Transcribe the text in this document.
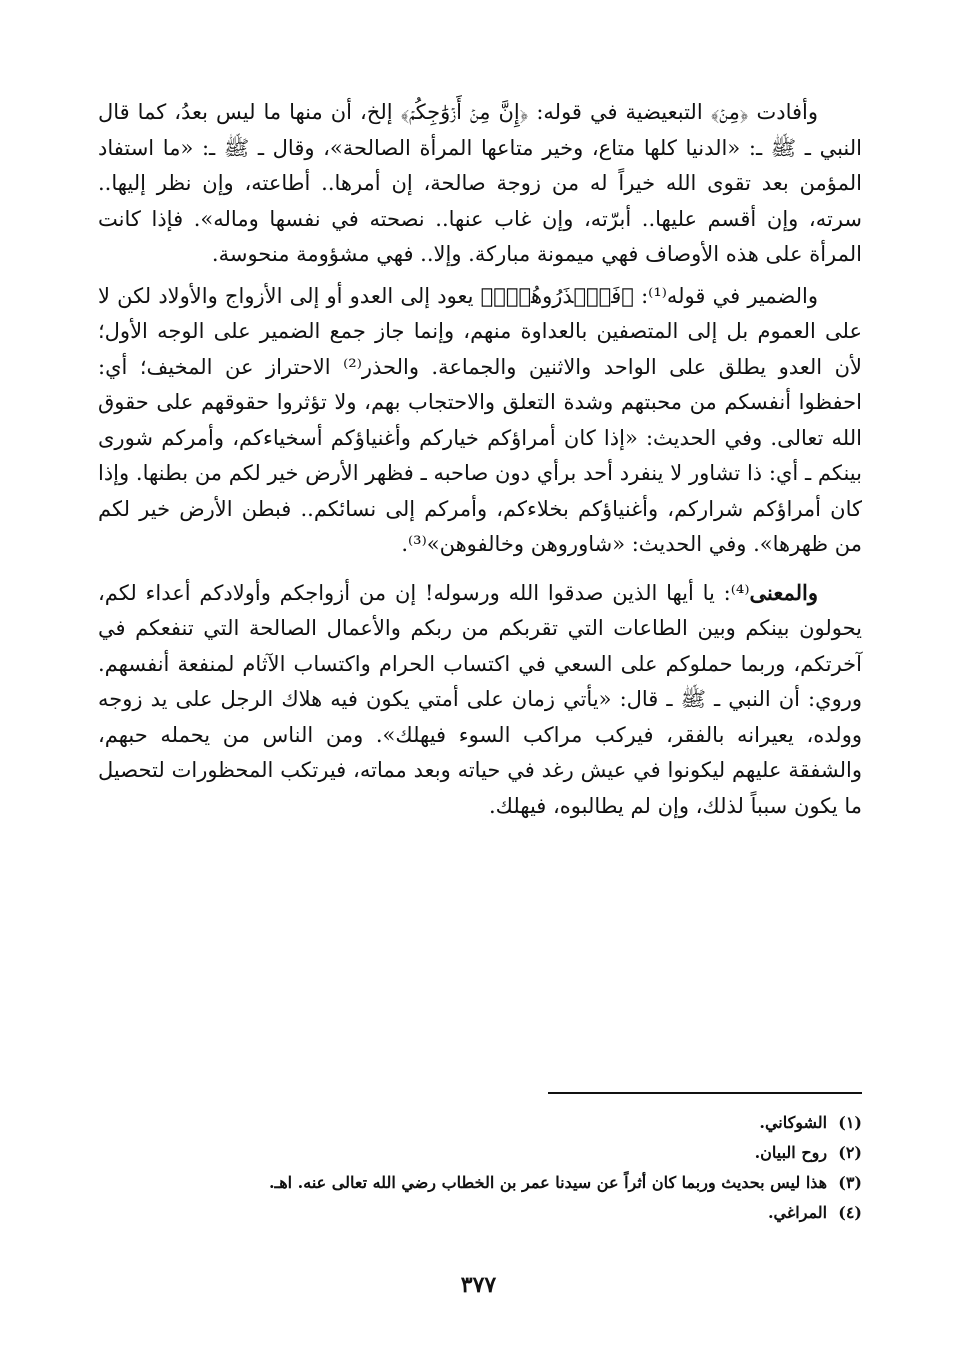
وأفادت ﴿مِنۡ﴾ التبعيضية في قوله: ﴿إِنَّ مِنۡ أَزۡوَٰجِكُمۡ﴾ إلخ، أن منها ما ليس بعدُ، كما قال النبي ـ ﷺ ـ: «الدنيا كلها متاع، وخير متاعها المرأة الصالحة»، وقال ـ ﷺ ـ: «ما استفاد المؤمن بعد تقوى الله خيراً له من زوجة صالحة، إن أمرها.. أطاعته، وإن نظر إليها.. سرته، وإن أقسم عليها.. أبرّته، وإن غاب عنها.. نصحته في نفسها وماله». فإذا كانت المرأة على هذه الأوصاف فهي ميمونة مباركة. وإلا.. فهي مشؤومة منحوسة.

والضمير في قوله⁽¹⁾: ﴿فَٱحۡذَرُوهُمۡۚ﴾ يعود إلى العدو أو إلى الأزواج والأولاد لكن لا على العموم بل إلى المتصفين بالعداوة منهم، وإنما جاز جمع الضمير على الوجه الأول؛ لأن العدو يطلق على الواحد والاثنين والجماعة. والحذر⁽²⁾ الاحتراز عن المخيف؛ أي: احفظوا أنفسكم من محبتهم وشدة التعلق والاحتجاب بهم، ولا تؤثروا حقوقهم على حقوق الله تعالى. وفي الحديث: «إذا كان أمراؤكم خياركم وأغنياؤكم أسخياءكم، وأمركم شورى بينكم ـ أي: ذا تشاور لا ينفرد أحد برأي دون صاحبه ـ فظهر الأرض خير لكم من بطنها. وإذا كان أمراؤكم شراركم، وأغنياؤكم بخلاءكم، وأمركم إلى نسائكم.. فبطن الأرض خير لكم من ظهرها». وفي الحديث: «شاوروهن وخالفوهن»⁽³⁾.

والمعنى⁽⁴⁾: يا أيها الذين صدقوا الله ورسوله! إن من أزواجكم وأولادكم أعداء لكم، يحولون بينكم وبين الطاعات التي تقربكم من ربكم والأعمال الصالحة التي تنفعكم في آخرتكم، وربما حملوكم على السعي في اكتساب الحرام واكتساب الآثام لمنفعة أنفسهم. وروي: أن النبي ـ ﷺ ـ قال: «يأتي زمان على أمتي يكون فيه هلاك الرجل على يد زوجه وولده، يعيرانه بالفقر، فيركب مراكب السوء فيهلك». ومن الناس من يحمله حبهم، والشفقة عليهم ليكونوا في عيش رغد في حياته وبعد مماته، فيرتكب المحظورات لتحصيل ما يكون سبباً لذلك، وإن لم يطالبوه، فيهلك.

(١)  الشوكاني.
(٢)  روح البيان.
(٣)  هذا ليس بحديث وربما كان أثراً عن سيدنا عمر بن الخطاب رضي الله تعالى عنه. اهـ.
(٤)  المراغي.
٣٧٧
